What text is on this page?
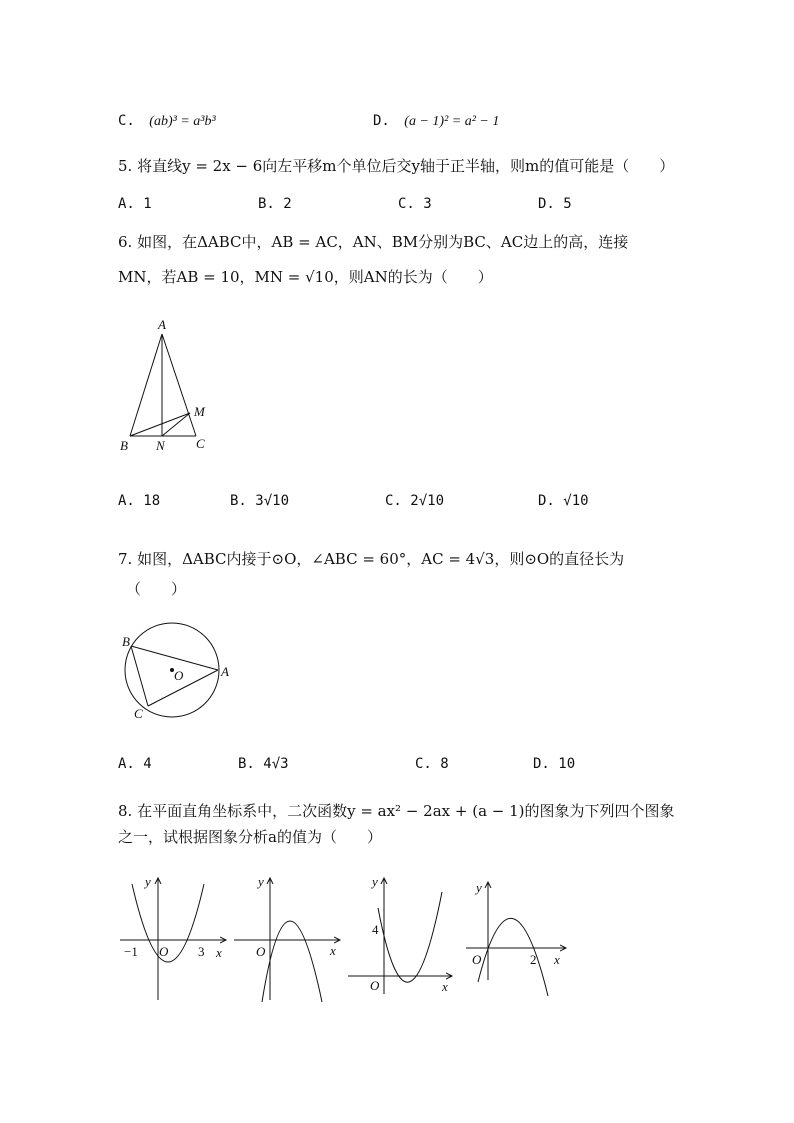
C. (ab)³ = a³b³	D. (a − 1)² = a² − 1
5. 将直线y = 2x − 6向左平移m个单位后交y轴于正半轴，则m的值可能是（　　）
A. 1	B. 2	C. 3	D. 5
6. 如图，在ΔABC中，AB = AC，AN、BM分别为BC、AC边上的高，连接
MN，若AB = 10，MN = √10，则AN的长为（　　）
A
B	C
M
N
A. 18	B. 3√10	C. 2√10	D. √10
7. 如图，ΔABC内接于⊙O，∠ABC = 60°，AC = 4√3，则⊙O的直径长为
（　　）
B
C
A
O
A. 4	B. 4√3	C. 8	D. 10
8. 在平面直角坐标系中，二次函数y = ax² − 2ax + (a − 1)的图象为下列四个图象
之一，试根据图象分析a的值为（　　）
y
x
O
−1	3
y
x
O
y
x
O
4
y
x
O	2
